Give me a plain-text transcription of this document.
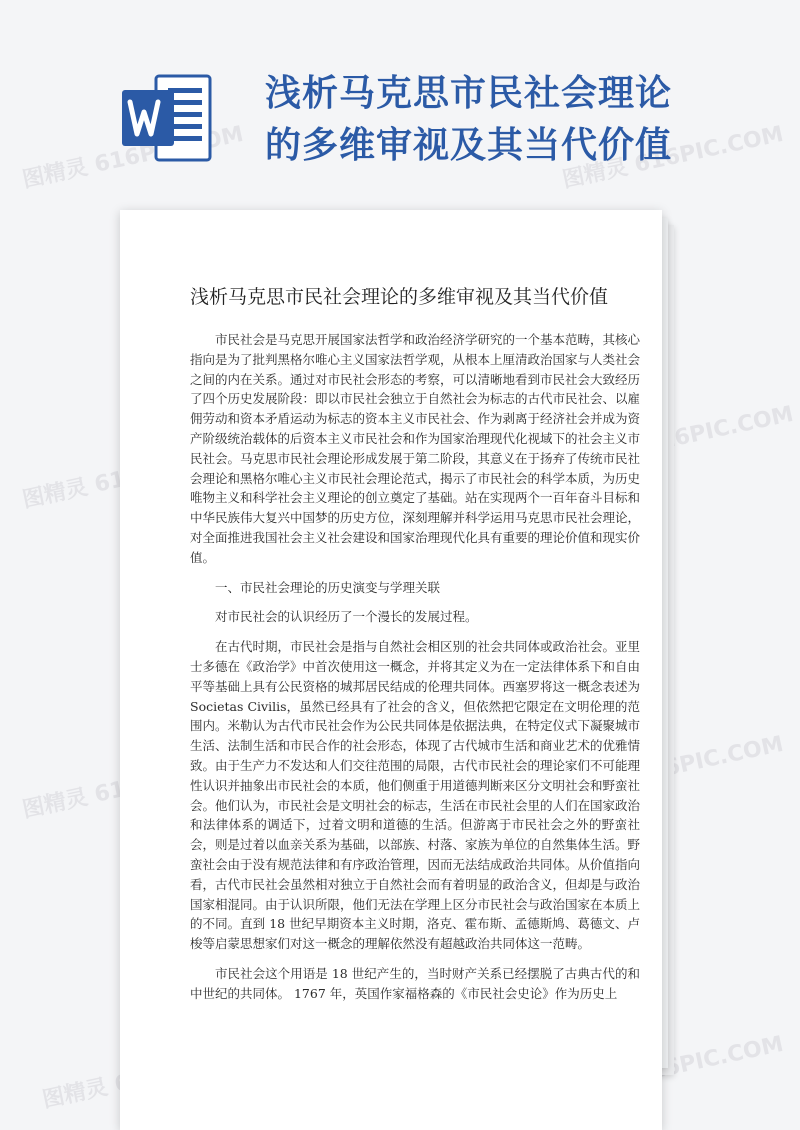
图精灵 616PIC.COM	图精灵 616PIC.COM
图精灵
图精灵 616PIC.COM
图精灵
616PIC.COM
图精灵
616PIC.COM
浅析马克思市民社会理论的多维审视及其当代价值
浅析马克思市民社会理论的多维审视及其当代价值

市民社会是马克思开展国家法哲学和政治经济学研究的一个基本范畴，其核心指向是为了批判黑格尔唯心主义国家法哲学观，从根本上厘清政治国家与人类社会之间的内在关系。通过对市民社会形态的考察，可以清晰地看到市民社会大致经历了四个历史发展阶段：即以市民社会独立于自然社会为标志的古代市民社会、以雇佣劳动和资本矛盾运动为标志的资本主义市民社会、作为剥离于经济社会并成为资产阶级统治载体的后资本主义市民社会和作为国家治理现代化视域下的社会主义市民社会。马克思市民社会理论形成发展于第二阶段，其意义在于扬弃了传统市民社会理论和黑格尔唯心主义市民社会理论范式，揭示了市民社会的科学本质，为历史唯物主义和科学社会主义理论的创立奠定了基础。站在实现两个一百年奋斗目标和中华民族伟大复兴中国梦的历史方位，深刻理解并科学运用马克思市民社会理论，对全面推进我国社会主义社会建设和国家治理现代化具有重要的理论价值和现实价值。

一、市民社会理论的历史演变与学理关联

对市民社会的认识经历了一个漫长的发展过程。

在古代时期，市民社会是指与自然社会相区别的社会共同体或政治社会。亚里士多德在《政治学》中首次使用这一概念，并将其定义为在一定法律体系下和自由平等基础上具有公民资格的城邦居民结成的伦理共同体。西塞罗将这一概念表述为 Societas Civilis，虽然已经具有了社会的含义，但依然把它限定在文明伦理的范围内。米勒认为古代市民社会作为公民共同体是依据法典，在特定仪式下凝聚城市生活、法制生活和市民合作的社会形态，体现了古代城市生活和商业艺术的优雅情致。由于生产力不发达和人们交往范围的局限，古代市民社会的理论家们不可能理性认识并抽象出市民社会的本质，他们侧重于用道德判断来区分文明社会和野蛮社会。他们认为，市民社会是文明社会的标志，生活在市民社会里的人们在国家政治和法律体系的调适下，过着文明和道德的生活。但游离于市民社会之外的野蛮社会，则是过着以血亲关系为基础，以部族、村落、家族为单位的自然集体生活。野蛮社会由于没有规范法律和有序政治管理，因而无法结成政治共同体。从价值指向看，古代市民社会虽然相对独立于自然社会而有着明显的政治含义，但却是与政治国家相混同。由于认识所限，他们无法在学理上区分市民社会与政治国家在本质上的不同。直到 18 世纪早期资本主义时期，洛克、霍布斯、孟德斯鸠、葛德文、卢梭等启蒙思想家们对这一概念的理解依然没有超越政治共同体这一范畴。

市民社会这个用语是 18 世纪产生的，当时财产关系已经摆脱了古典古代的和中世纪的共同体。 1767 年，英国作家福格森的《市民社会史论》作为历史上
